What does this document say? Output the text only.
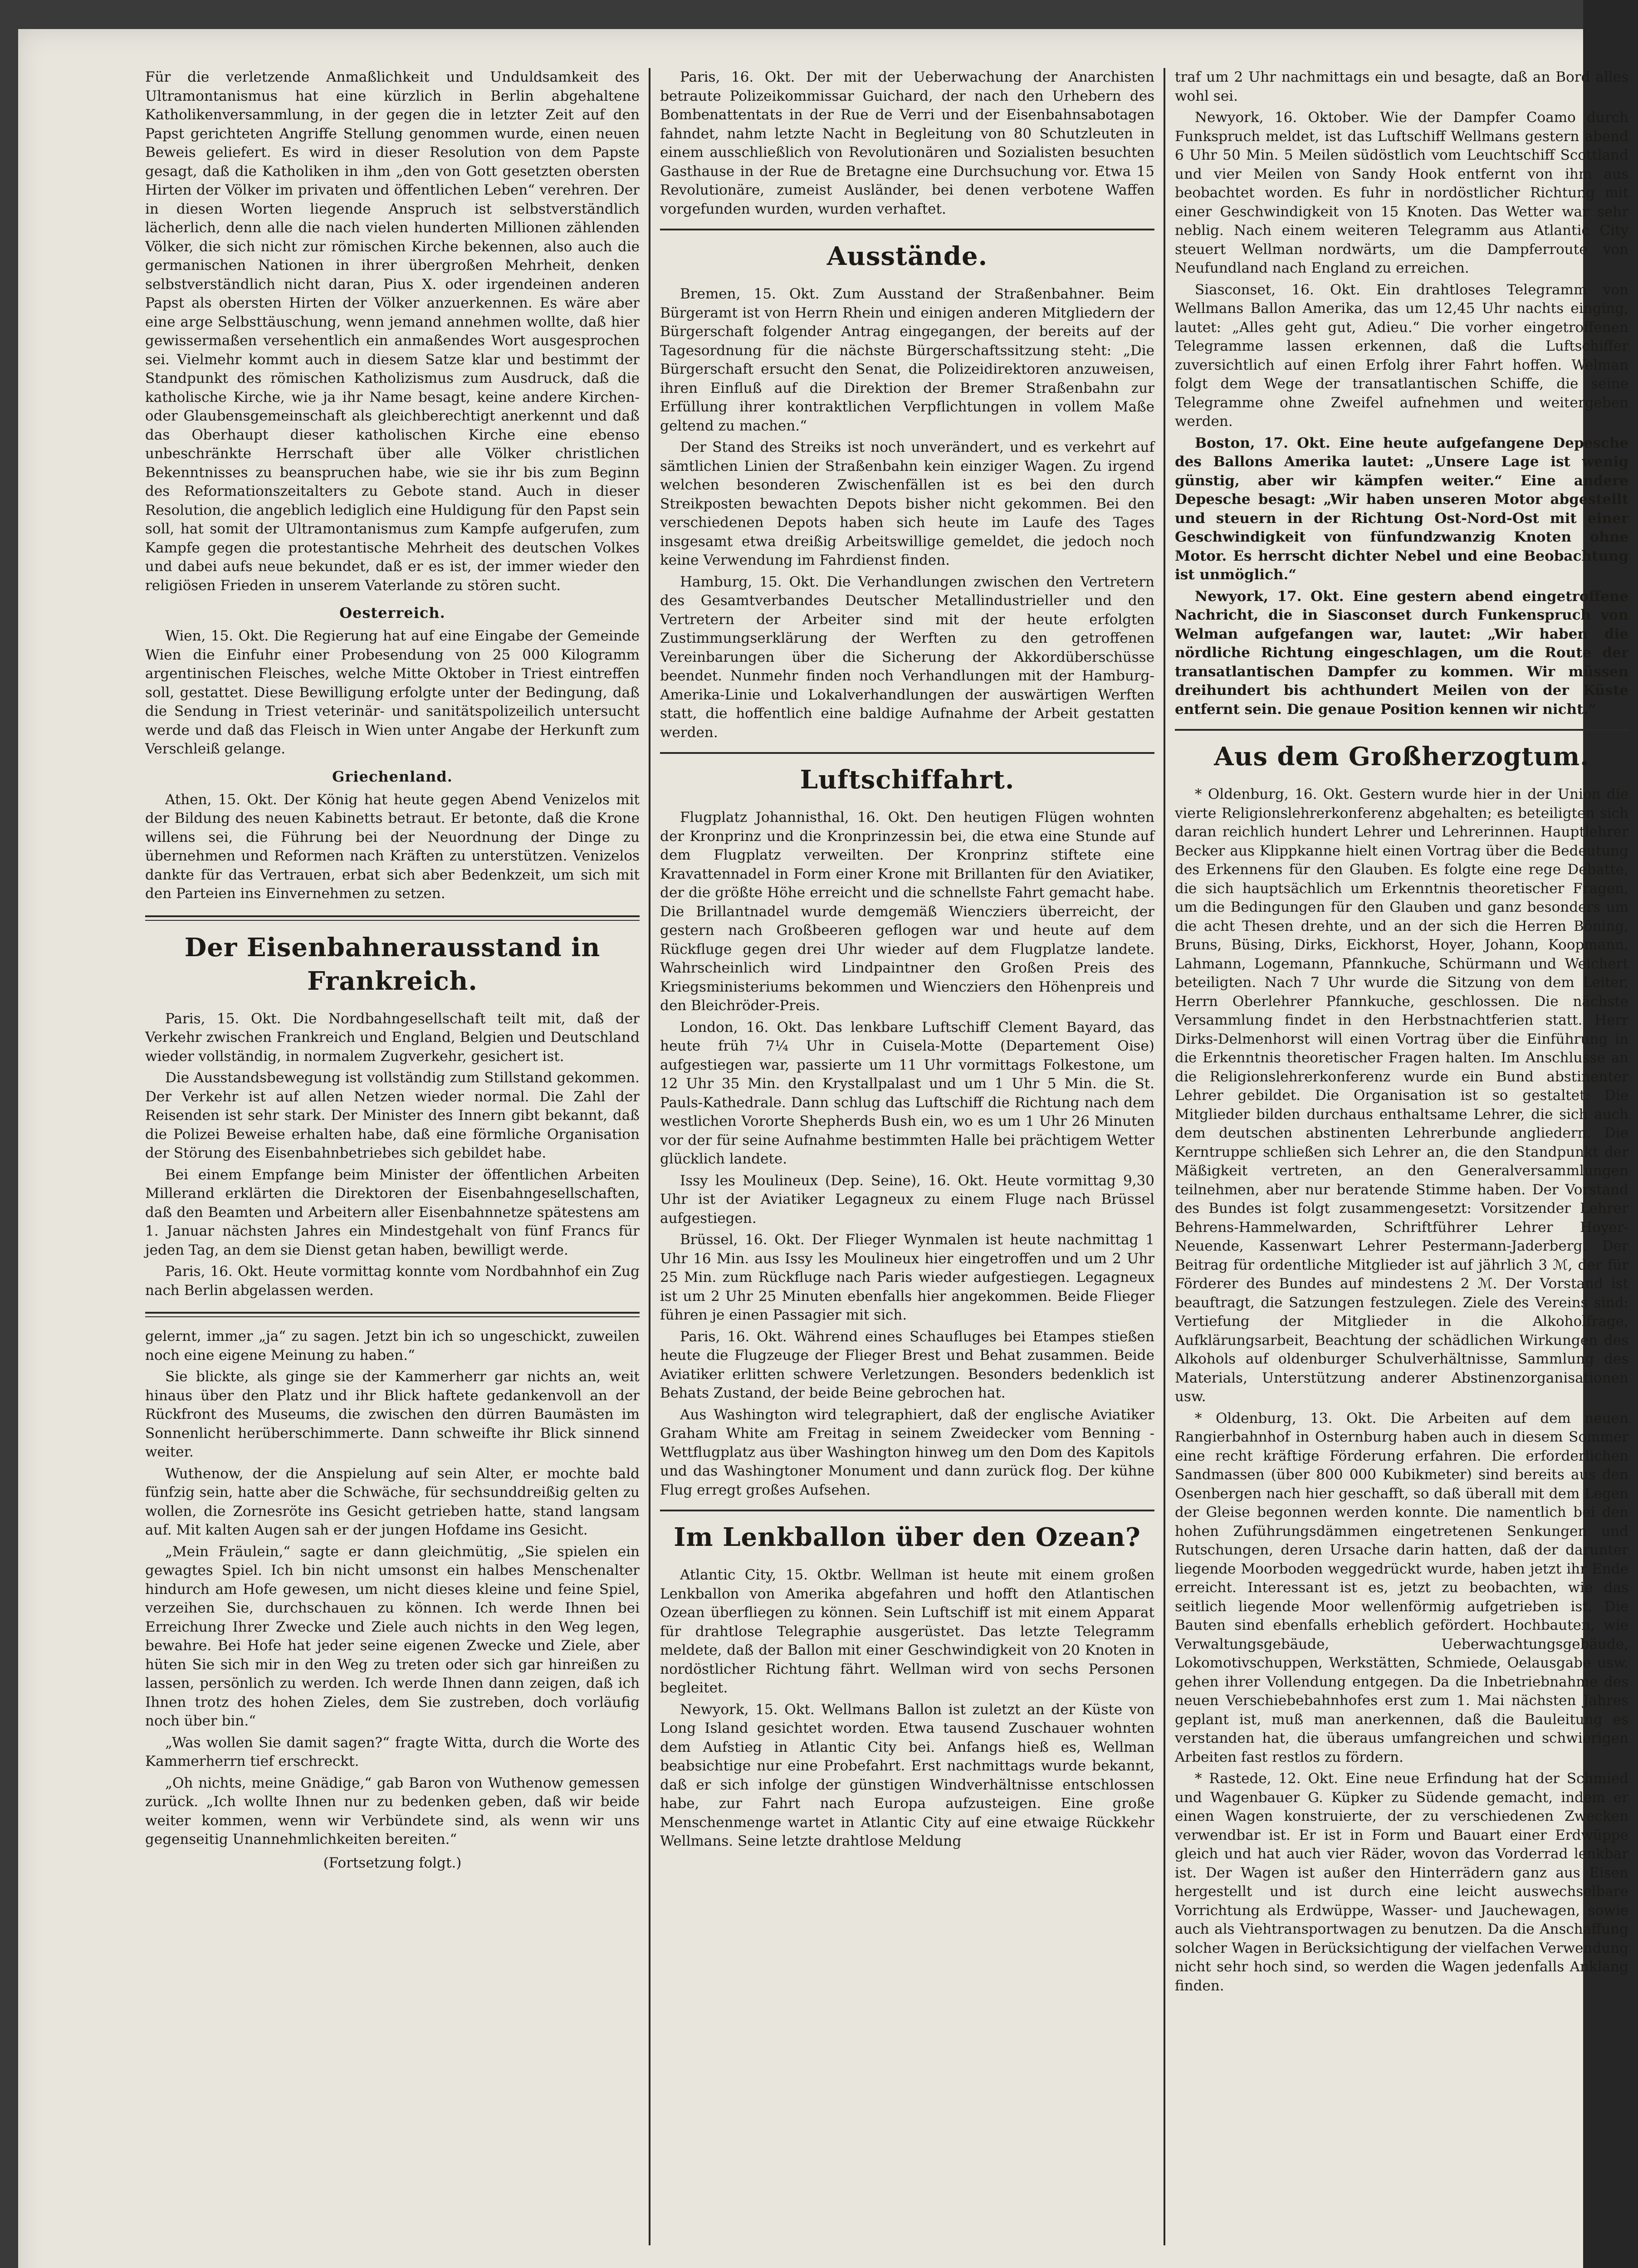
Für die verletzende Anmaßlichkeit und Unduldsamkeit des Ultramontanismus hat eine kürzlich in Berlin abgehaltene Katholikenversammlung, in der gegen die in letzter Zeit auf den Papst gerichteten Angriffe Stellung genommen wurde, einen neuen Beweis geliefert. Es wird in dieser Resolution von dem Papste gesagt, daß die Katholiken in ihm „den von Gott gesetzten obersten Hirten der Völker im privaten und öffentlichen Leben“ verehren. Der in diesen Worten liegende Anspruch ist selbstverständlich lächerlich, denn alle die nach vielen hunderten Millionen zählenden Völker, die sich nicht zur römischen Kirche bekennen, also auch die germanischen Nationen in ihrer übergroßen Mehrheit, denken selbstverständlich nicht daran, Pius X. oder irgendeinen anderen Papst als obersten Hirten der Völker anzuerkennen. Es wäre aber eine arge Selbsttäuschung, wenn jemand annehmen wollte, daß hier gewissermaßen versehentlich ein anmaßendes Wort ausgesprochen sei. Vielmehr kommt auch in diesem Satze klar und bestimmt der Standpunkt des römischen Katholizismus zum Ausdruck, daß die katholische Kirche, wie ja ihr Name besagt, keine andere Kirchen- oder Glaubensgemeinschaft als gleichberechtigt anerkennt und daß das Oberhaupt dieser katholischen Kirche eine ebenso unbeschränkte Herrschaft über alle Völker christlichen Bekenntnisses zu beanspruchen habe, wie sie ihr bis zum Beginn des Reformationszeitalters zu Gebote stand. Auch in dieser Resolution, die angeblich lediglich eine Huldigung für den Papst sein soll, hat somit der Ultramontanismus zum Kampfe aufgerufen, zum Kampfe gegen die protestantische Mehrheit des deutschen Volkes und dabei aufs neue bekundet, daß er es ist, der immer wieder den religiösen Frieden in unserem Vaterlande zu stören sucht.

Oesterreich.

Wien, 15. Okt. Die Regierung hat auf eine Eingabe der Gemeinde Wien die Einfuhr einer Probesendung von 25 000 Kilogramm argentinischen Fleisches, welche Mitte Oktober in Triest eintreffen soll, gestattet. Diese Bewilligung erfolgte unter der Bedingung, daß die Sendung in Triest veterinär- und sanitätspolizeilich untersucht werde und daß das Fleisch in Wien unter Angabe der Herkunft zum Verschleiß gelange.

Griechenland.

Athen, 15. Okt. Der König hat heute gegen Abend Venizelos mit der Bildung des neuen Kabinetts betraut. Er betonte, daß die Krone willens sei, die Führung bei der Neuordnung der Dinge zu übernehmen und Reformen nach Kräften zu unterstützen. Venizelos dankte für das Vertrauen, erbat sich aber Bedenkzeit, um sich mit den Parteien ins Einvernehmen zu setzen.

Der Eisenbahnerausstand in Frankreich.

Paris, 15. Okt. Die Nordbahngesellschaft teilt mit, daß der Verkehr zwischen Frankreich und England, Belgien und Deutschland wieder vollständig, in normalem Zugverkehr, gesichert ist.

Die Ausstandsbewegung ist vollständig zum Stillstand gekommen. Der Verkehr ist auf allen Netzen wieder normal. Die Zahl der Reisenden ist sehr stark. Der Minister des Innern gibt bekannt, daß die Polizei Beweise erhalten habe, daß eine förmliche Organisation der Störung des Eisenbahnbetriebes sich gebildet habe.

Bei einem Empfange beim Minister der öffentlichen Arbeiten Millerand erklärten die Direktoren der Eisenbahngesellschaften, daß den Beamten und Arbeitern aller Eisenbahnnetze spätestens am 1. Januar nächsten Jahres ein Mindestgehalt von fünf Francs für jeden Tag, an dem sie Dienst getan haben, bewilligt werde.

Paris, 16. Okt. Heute vormittag konnte vom Nordbahnhof ein Zug nach Berlin abgelassen werden.

gelernt, immer „ja“ zu sagen. Jetzt bin ich so ungeschickt, zuweilen noch eine eigene Meinung zu haben.“

Sie blickte, als ginge sie der Kammerherr gar nichts an, weit hinaus über den Platz und ihr Blick haftete gedankenvoll an der Rückfront des Museums, die zwischen den dürren Baumästen im Sonnenlicht herüberschimmerte. Dann schweifte ihr Blick sinnend weiter.

Wuthenow, der die Anspielung auf sein Alter, er mochte bald fünfzig sein, hatte aber die Schwäche, für sechsunddreißig gelten zu wollen, die Zornesröte ins Gesicht getrieben hatte, stand langsam auf. Mit kalten Augen sah er der jungen Hofdame ins Gesicht.

„Mein Fräulein,“ sagte er dann gleichmütig, „Sie spielen ein gewagtes Spiel. Ich bin nicht umsonst ein halbes Menschenalter hindurch am Hofe gewesen, um nicht dieses kleine und feine Spiel, verzeihen Sie, durchschauen zu können. Ich werde Ihnen bei Erreichung Ihrer Zwecke und Ziele auch nichts in den Weg legen, bewahre. Bei Hofe hat jeder seine eigenen Zwecke und Ziele, aber hüten Sie sich mir in den Weg zu treten oder sich gar hinreißen zu lassen, persönlich zu werden. Ich werde Ihnen dann zeigen, daß ich Ihnen trotz des hohen Zieles, dem Sie zustreben, doch vorläufig noch über bin.“

„Was wollen Sie damit sagen?“ fragte Witta, durch die Worte des Kammerherrn tief erschreckt.

„Oh nichts, meine Gnädige,“ gab Baron von Wuthenow gemessen zurück. „Ich wollte Ihnen nur zu bedenken geben, daß wir beide weiter kommen, wenn wir Verbündete sind, als wenn wir uns gegenseitig Unannehmlichkeiten bereiten.“

(Fortsetzung folgt.)

Paris, 16. Okt. Der mit der Ueberwachung der Anarchisten betraute Polizeikommissar Guichard, der nach den Urhebern des Bombenattentats in der Rue de Verri und der Eisenbahnsabotagen fahndet, nahm letzte Nacht in Begleitung von 80 Schutzleuten in einem ausschließlich von Revolutionären und Sozialisten besuchten Gasthause in der Rue de Bretagne eine Durchsuchung vor. Etwa 15 Revolutionäre, zumeist Ausländer, bei denen verbotene Waffen vorgefunden wurden, wurden verhaftet.

Ausstände.

Bremen, 15. Okt. Zum Ausstand der Straßenbahner. Beim Bürgeramt ist von Herrn Rhein und einigen anderen Mitgliedern der Bürgerschaft folgender Antrag eingegangen, der bereits auf der Tagesordnung für die nächste Bürgerschaftssitzung steht: „Die Bürgerschaft ersucht den Senat, die Polizeidirektoren anzuweisen, ihren Einfluß auf die Direktion der Bremer Straßenbahn zur Erfüllung ihrer kontraktlichen Verpflichtungen in vollem Maße geltend zu machen.“

Der Stand des Streiks ist noch unverändert, und es verkehrt auf sämtlichen Linien der Straßenbahn kein einziger Wagen. Zu irgend welchen besonderen Zwischenfällen ist es bei den durch Streikposten bewachten Depots bisher nicht gekommen. Bei den verschiedenen Depots haben sich heute im Laufe des Tages insgesamt etwa dreißig Arbeitswillige gemeldet, die jedoch noch keine Verwendung im Fahrdienst finden.

Hamburg, 15. Okt. Die Verhandlungen zwischen den Vertretern des Gesamtverbandes Deutscher Metallindustrieller und den Vertretern der Arbeiter sind mit der heute erfolgten Zustimmungserklärung der Werften zu den getroffenen Vereinbarungen über die Sicherung der Akkordüberschüsse beendet. Nunmehr finden noch Verhandlungen mit der Hamburg-Amerika-Linie und Lokalverhandlungen der auswärtigen Werften statt, die hoffentlich eine baldige Aufnahme der Arbeit gestatten werden.

Luftschiffahrt.

Flugplatz Johannisthal, 16. Okt. Den heutigen Flügen wohnten der Kronprinz und die Kronprinzessin bei, die etwa eine Stunde auf dem Flugplatz verweilten. Der Kronprinz stiftete eine Kravattennadel in Form einer Krone mit Brillanten für den Aviatiker, der die größte Höhe erreicht und die schnellste Fahrt gemacht habe. Die Brillantnadel wurde demgemäß Wiencziers überreicht, der gestern nach Großbeeren geflogen war und heute auf dem Rückfluge gegen drei Uhr wieder auf dem Flugplatze landete. Wahrscheinlich wird Lindpaintner den Großen Preis des Kriegsministeriums bekommen und Wiencziers den Höhenpreis und den Bleichröder-Preis.

London, 16. Okt. Das lenkbare Luftschiff Clement Bayard, das heute früh 7¼ Uhr in Cuisela-Motte (Departement Oise) aufgestiegen war, passierte um 11 Uhr vormittags Folkestone, um 12 Uhr 35 Min. den Krystallpalast und um 1 Uhr 5 Min. die St. Pauls-Kathedrale. Dann schlug das Luftschiff die Richtung nach dem westlichen Vororte Shepherds Bush ein, wo es um 1 Uhr 26 Minuten vor der für seine Aufnahme bestimmten Halle bei prächtigem Wetter glücklich landete.

Issy les Moulineux (Dep. Seine), 16. Okt. Heute vormittag 9,30 Uhr ist der Aviatiker Legagneux zu einem Fluge nach Brüssel aufgestiegen.

Brüssel, 16. Okt. Der Flieger Wynmalen ist heute nachmittag 1 Uhr 16 Min. aus Issy les Moulineux hier eingetroffen und um 2 Uhr 25 Min. zum Rückfluge nach Paris wieder aufgestiegen. Legagneux ist um 2 Uhr 25 Minuten ebenfalls hier angekommen. Beide Flieger führen je einen Passagier mit sich.

Paris, 16. Okt. Während eines Schaufluges bei Etampes stießen heute die Flugzeuge der Flieger Brest und Behat zusammen. Beide Aviatiker erlitten schwere Verletzungen. Besonders bedenklich ist Behats Zustand, der beide Beine gebrochen hat.

Aus Washington wird telegraphiert, daß der englische Aviatiker Graham White am Freitag in seinem Zweidecker vom Benning - Wettflugplatz aus über Washington hinweg um den Dom des Kapitols und das Washingtoner Monument und dann zurück flog. Der kühne Flug erregt großes Aufsehen.

Im Lenkballon über den Ozean?

Atlantic City, 15. Oktbr. Wellman ist heute mit einem großen Lenkballon von Amerika abgefahren und hofft den Atlantischen Ozean überfliegen zu können. Sein Luftschiff ist mit einem Apparat für drahtlose Telegraphie ausgerüstet. Das letzte Telegramm meldete, daß der Ballon mit einer Geschwindigkeit von 20 Knoten in nordöstlicher Richtung fährt. Wellman wird von sechs Personen begleitet.

Newyork, 15. Okt. Wellmans Ballon ist zuletzt an der Küste von Long Island gesichtet worden. Etwa tausend Zuschauer wohnten dem Aufstieg in Atlantic City bei. Anfangs hieß es, Wellman beabsichtige nur eine Probefahrt. Erst nachmittags wurde bekannt, daß er sich infolge der günstigen Windverhältnisse entschlossen habe, zur Fahrt nach Europa aufzusteigen. Eine große Menschenmenge wartet in Atlantic City auf eine etwaige Rückkehr Wellmans. Seine letzte drahtlose Meldung

traf um 2 Uhr nachmittags ein und besagte, daß an Bord alles wohl sei.

Newyork, 16. Oktober. Wie der Dampfer Coamo durch Funkspruch meldet, ist das Luftschiff Wellmans gestern abend 6 Uhr 50 Min. 5 Meilen südöstlich vom Leuchtschiff Scottland und vier Meilen von Sandy Hook entfernt von ihm aus beobachtet worden. Es fuhr in nordöstlicher Richtung mit einer Geschwindigkeit von 15 Knoten. Das Wetter war sehr neblig. Nach einem weiteren Telegramm aus Atlantic City steuert Wellman nordwärts, um die Dampferroute von Neufundland nach England zu erreichen.

Siasconset, 16. Okt. Ein drahtloses Telegramm von Wellmans Ballon Amerika, das um 12,45 Uhr nachts einging, lautet: „Alles geht gut, Adieu.“ Die vorher eingetroffenen Telegramme lassen erkennen, daß die Luftschiffer zuversichtlich auf einen Erfolg ihrer Fahrt hoffen. Welman folgt dem Wege der transatlantischen Schiffe, die seine Telegramme ohne Zweifel aufnehmen und weitergeben werden.

Boston, 17. Okt. Eine heute aufgefangene Depesche des Ballons Amerika lautet: „Unsere Lage ist wenig günstig, aber wir kämpfen weiter.“ Eine andere Depesche besagt: „Wir haben unseren Motor abgestellt und steuern in der Richtung Ost-Nord-Ost mit einer Geschwindigkeit von fünfundzwanzig Knoten ohne Motor. Es herrscht dichter Nebel und eine Beobachtung ist unmöglich.“

Newyork, 17. Okt. Eine gestern abend eingetroffene Nachricht, die in Siasconset durch Funkenspruch von Welman aufgefangen war, lautet: „Wir haben die nördliche Richtung eingeschlagen, um die Route der transatlantischen Dampfer zu kommen. Wir müssen dreihundert bis achthundert Meilen von der Küste entfernt sein. Die genaue Position kennen wir nicht.“

Aus dem Großherzogtum.

* Oldenburg, 16. Okt. Gestern wurde hier in der Union die vierte Religionslehrerkonferenz abgehalten; es beteiligten sich daran reichlich hundert Lehrer und Lehrerinnen. Hauptlehrer Becker aus Klippkanne hielt einen Vortrag über die Bedeutung des Erkennens für den Glauben. Es folgte eine rege Debatte, die sich hauptsächlich um Erkenntnis theoretischer Fragen, um die Bedingungen für den Glauben und ganz besonders um die acht Thesen drehte, und an der sich die Herren Böning, Bruns, Büsing, Dirks, Eickhorst, Hoyer, Johann, Koopmann, Lahmann, Logemann, Pfannkuche, Schürmann und Weichert beteiligten. Nach 7 Uhr wurde die Sitzung von dem Leiter, Herrn Oberlehrer Pfannkuche, geschlossen. Die nächste Versammlung findet in den Herbstnachtferien statt. Herr Dirks-Delmenhorst will einen Vortrag über die Einführung in die Erkenntnis theoretischer Fragen halten. Im Anschlusse an die Religionslehrerkonferenz wurde ein Bund abstinenter Lehrer gebildet. Die Organisation ist so gestaltet: Die Mitglieder bilden durchaus enthaltsame Lehrer, die sich auch dem deutschen abstinenten Lehrerbunde angliedern. Die Kerntruppe schließen sich Lehrer an, die den Standpunkt der Mäßigkeit vertreten, an den Generalversammlungen teilnehmen, aber nur beratende Stimme haben. Der Vorstand des Bundes ist folgt zusammengesetzt: Vorsitzender Lehrer Behrens-Hammelwarden, Schriftführer Lehrer Hoyer-Neuende, Kassenwart Lehrer Pestermann-Jaderberg. Der Beitrag für ordentliche Mitglieder ist auf jährlich 3 ℳ, der für Förderer des Bundes auf mindestens 2 ℳ. Der Vorstand ist beauftragt, die Satzungen festzulegen. Ziele des Vereins sind: Vertiefung der Mitglieder in die Alkoholfrage, Aufklärungsarbeit, Beachtung der schädlichen Wirkungen des Alkohols auf oldenburger Schulverhältnisse, Sammlung des Materials, Unterstützung anderer Abstinenzorganisationen usw.

* Oldenburg, 13. Okt. Die Arbeiten auf dem neuen Rangierbahnhof in Osternburg haben auch in diesem Sommer eine recht kräftige Förderung erfahren. Die erforderlichen Sandmassen (über 800 000 Kubikmeter) sind bereits aus den Osenbergen nach hier geschafft, so daß überall mit dem Legen der Gleise begonnen werden konnte. Die namentlich bei den hohen Zuführungsdämmen eingetretenen Senkungen und Rutschungen, deren Ursache darin hatten, daß der darunter liegende Moorboden weggedrückt wurde, haben jetzt ihr Ende erreicht. Interessant ist es, jetzt zu beobachten, wie das seitlich liegende Moor wellenförmig aufgetrieben ist. Die Bauten sind ebenfalls erheblich gefördert. Hochbauten, wie Verwaltungsgebäude, Ueberwachtungsgebäude, Lokomotivschuppen, Werkstätten, Schmiede, Oelausgabe usw. gehen ihrer Vollendung entgegen. Da die Inbetriebnahme des neuen Verschiebebahnhofes erst zum 1. Mai nächsten Jahres geplant ist, muß man anerkennen, daß die Bauleitung es verstanden hat, die überaus umfangreichen und schwierigen Arbeiten fast restlos zu fördern.

* Rastede, 12. Okt. Eine neue Erfindung hat der Schmied und Wagenbauer G. Küpker zu Südende gemacht, indem er einen Wagen konstruierte, der zu verschiedenen Zwecken verwendbar ist. Er ist in Form und Bauart einer Erdwüppe gleich und hat auch vier Räder, wovon das Vorderrad lenkbar ist. Der Wagen ist außer den Hinterrädern ganz aus Eisen hergestellt und ist durch eine leicht auswechselbare Vorrichtung als Erdwüppe, Wasser- und Jauchewagen, sowie auch als Viehtransportwagen zu benutzen. Da die Anschaffung solcher Wagen in Berücksichtigung der vielfachen Verwendung nicht sehr hoch sind, so werden die Wagen jedenfalls Anklang finden.
